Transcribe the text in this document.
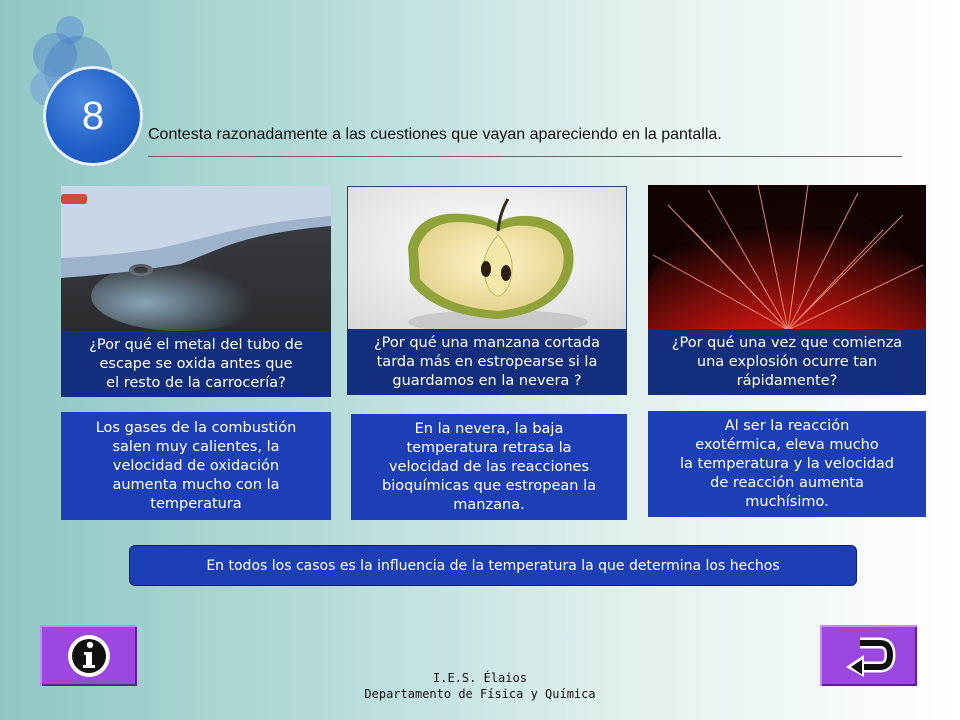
8	Contesta razonadamente a las cuestiones que vayan apareciendo en la pantalla.
¿Por qué el metal del tubo de
escape se oxida antes que
el resto de la carrocería?
Los gases de la combustión
salen muy calientes, la
velocidad de oxidación
aumenta mucho con la
temperatura
¿Por qué una manzana cortada
tarda más en estropearse si la
guardamos en la nevera ?
En la nevera, la baja
temperatura retrasa la
velocidad de las reacciones
bioquímicas que estropean la
manzana.
¿Por qué una vez que comienza
una explosión ocurre tan
rápidamente?
Al ser la reacción
exotérmica, eleva mucho
la temperatura y la velocidad
de reacción aumenta
muchísimo.
En todos los casos es la influencia de la temperatura la que determina los hechos
I.E.S. Élaios
Departamento de Física y Química
